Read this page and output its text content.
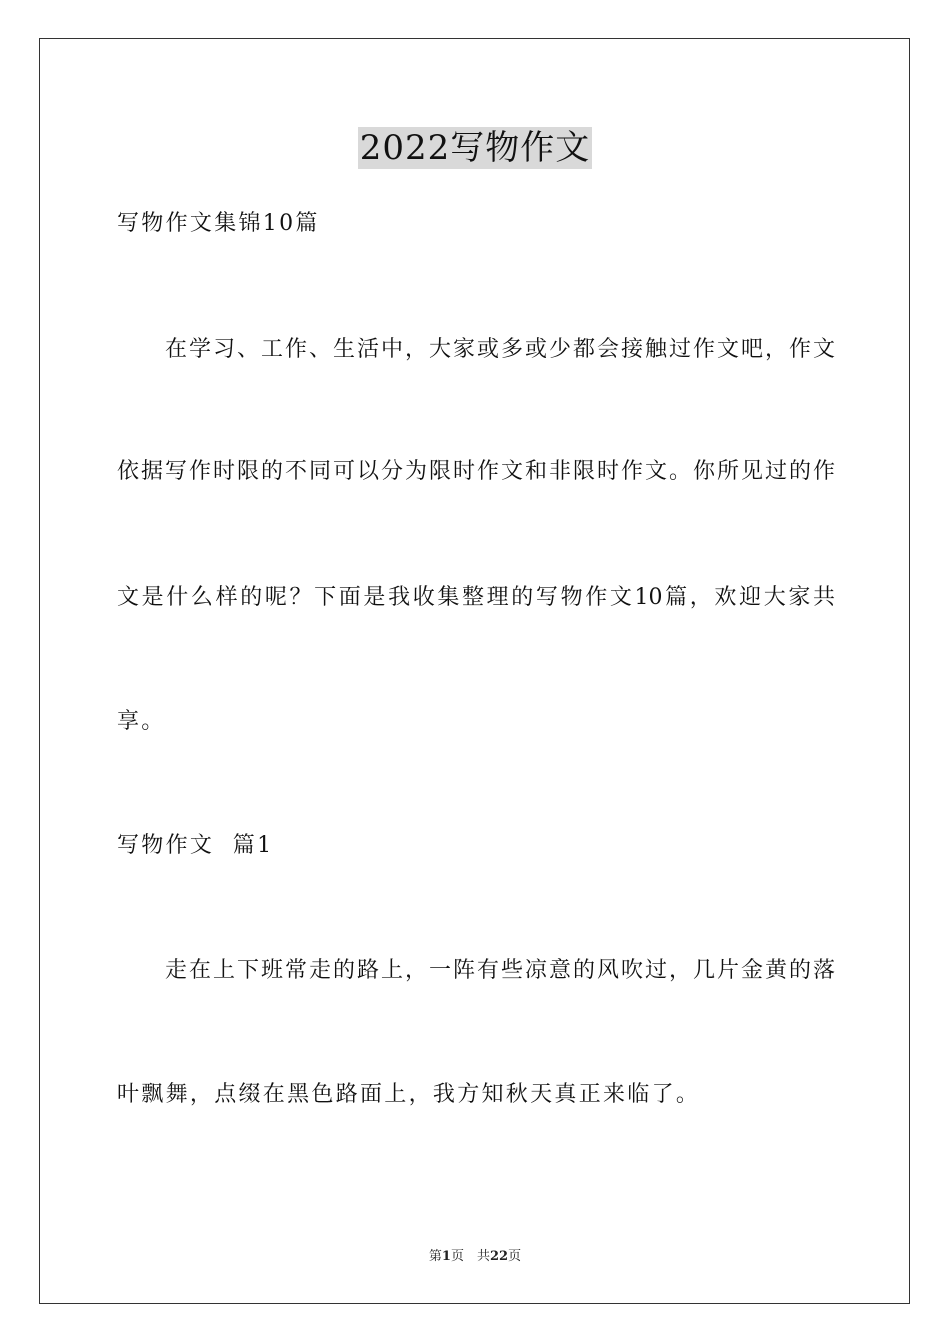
2022写物作文
写物作文集锦10篇
在学习、工作、生活中，大家或多或少都会接触过作文吧，作文
依据写作时限的不同可以分为限时作文和非限时作文。你所见过的作
文是什么样的呢？下面是我收集整理的写物作文10篇，欢迎大家共
享。
写物作文  篇1
走在上下班常走的路上，一阵有些凉意的风吹过，几片金黄的落
叶飘舞，点缀在黑色路面上，我方知秋天真正来临了。
第1页　共22页
